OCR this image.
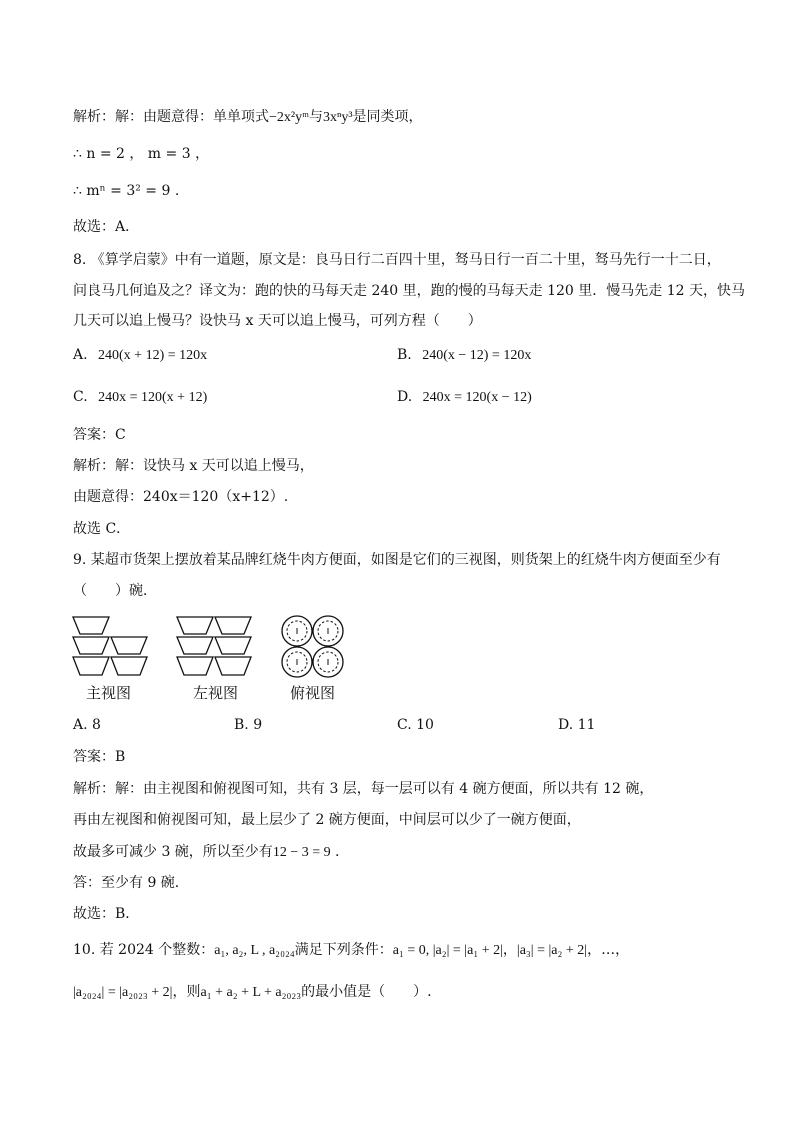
解析：解：由题意得：单单项式−2x²yᵐ与3xⁿy³是同类项，
∴ n = 2 ， m = 3 ，
∴ mⁿ = 3² = 9 .
故选：A．
8. 《算学启蒙》中有一道题，原文是：良马日行二百四十里，驽马日行一百二十里，驽马先行一十二日，
问良马几何追及之？译文为：跑的快的马每天走 240 里，跑的慢的马每天走 120 里．慢马先走 12 天，快马
几天可以追上慢马？设快马 x 天可以追上慢马，可列方程（　　）
A. 240(x + 12) = 120x	B. 240(x − 12) = 120x
C. 240x = 120(x + 12)	D. 240x = 120(x − 12)
答案：C
解析：解：设快马 x 天可以追上慢马，
由题意得：240x＝120（x+12）.
故选 C．
9. 某超市货架上摆放着某品牌红烧牛肉方便面，如图是它们的三视图，则货架上的红烧牛肉方便面至少有
（　　）碗．
主视图	左视图	俯视图
A. 8	B. 9	C. 10	D. 11
答案：B
解析：解：由主视图和俯视图可知，共有 3 层，每一层可以有 4 碗方便面，所以共有 12 碗，
再由左视图和俯视图可知，最上层少了 2 碗方便面，中间层可以少了一碗方便面，
故最多可减少 3 碗，所以至少有12 − 3 = 9 .
答：至少有 9 碗．
故选：B．
10. 若 2024 个整数：a₁, a₂, L , a₂₀₂₄满足下列条件：a₁ = 0, |a₂| = |a₁ + 2|，|a₃| = |a₂ + 2|，…，
|a₂₀₂₄| = |a₂₀₂₃ + 2|，则a₁ + a₂ + L + a₂₀₂₃的最小值是（　　）.
